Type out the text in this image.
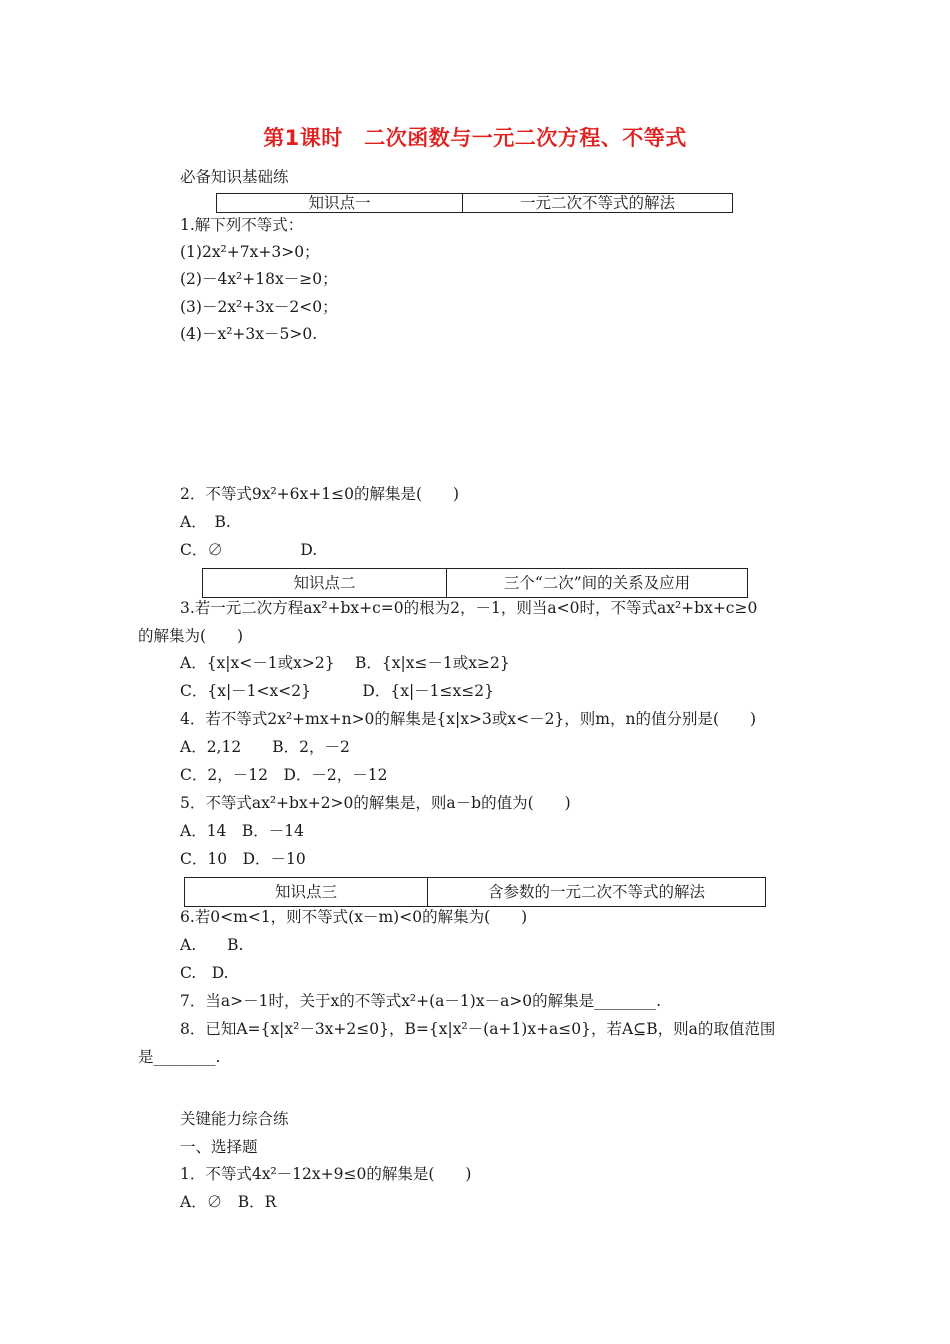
第1课时　二次函数与一元二次方程、不等式
必备知识基础练
知识点一	一元二次不等式的解法
1.解下列不等式：
(1)2x²+7x+3>0；
(2)－4x²+18x－≥0；
(3)－2x²+3x－2<0；
(4)－x²+3x－5>0.
2．不等式9x²+6x+1≤0的解集是(　　)
A．　B.
C．∅　　　　　D.
知识点二	三个“二次”间的关系及应用
3.若一元二次方程ax²+bx+c=0的根为2，－1，则当a<0时，不等式ax²+bx+c≥0
的解集为(　　)
A．{x|x<－1或x>2}　 B．{x|x≤－1或x≥2}
C．{x|－1<x<2}　　　 D．{x|－1≤x≤2}
4．若不等式2x²+mx+n>0的解集是{x|x>3或x<－2}，则m，n的值分别是(　　)
A．2,12　　B．2，－2
C．2，－12　D．－2，－12
5．不等式ax²+bx+2>0的解集是，则a－b的值为(　　)
A．14　B．－14
C．10　D．－10
知识点三	含参数的一元二次不等式的解法
6.若0<m<1，则不等式(x－m)<0的解集为(　　)
A.　　B.
C.　D.
7．当a>－1时，关于x的不等式x²+(a－1)x－a>0的解集是________.
8．已知A={x|x²－3x+2≤0}，B={x|x²－(a+1)x+a≤0}，若A⊆B，则a的取值范围
是________.
关键能力综合练
一、选择题
1．不等式4x²－12x+9≤0的解集是(　　)
A．∅　B．R
